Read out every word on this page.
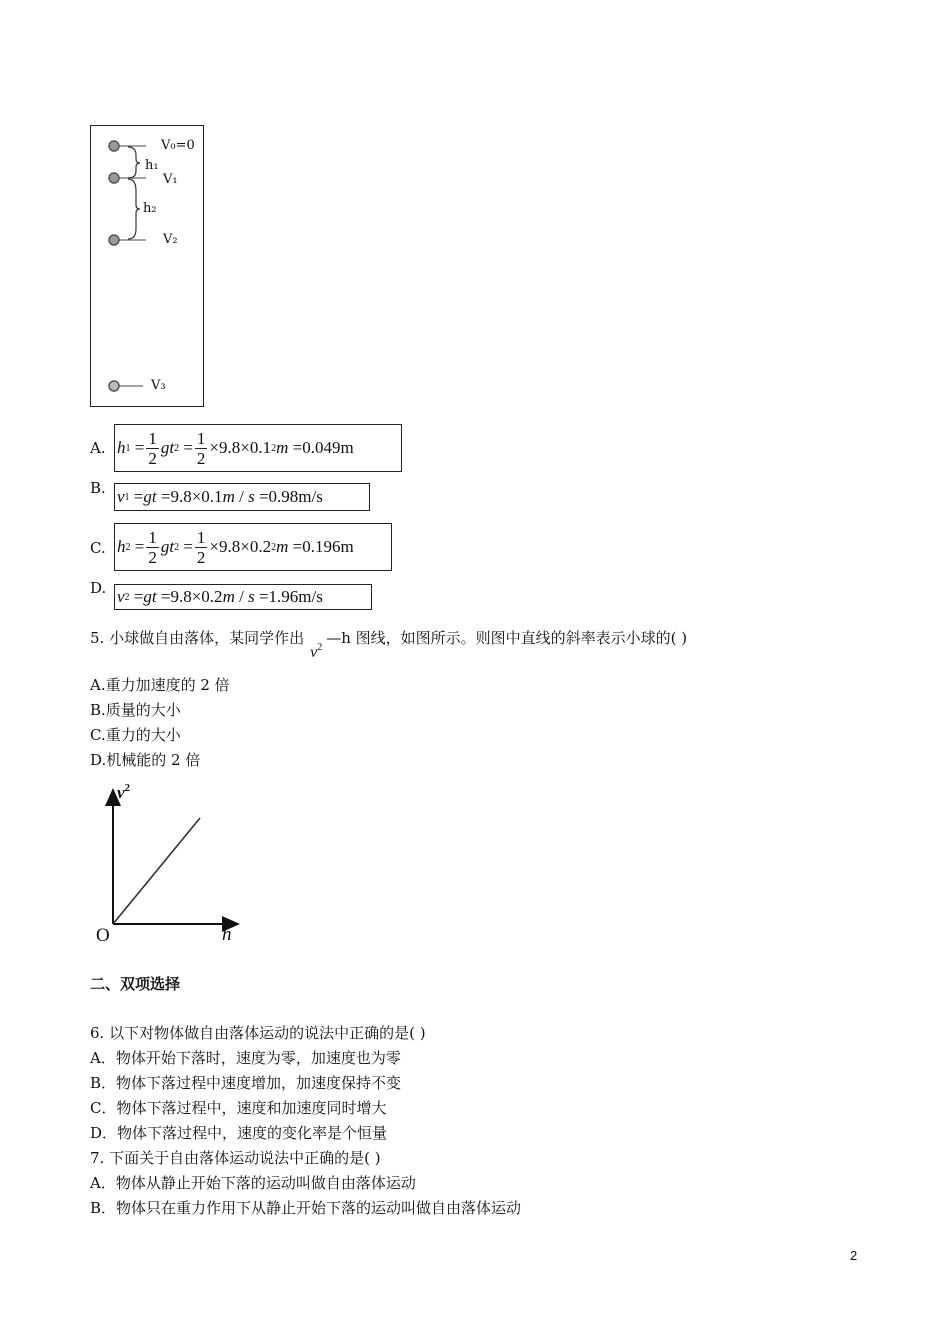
V₀=0
h₁
V₁
h₂
V₂
V₃
A. h $1 = \frac{1}{2}$ gt $2 = \frac{1}{2} \times 9.8\times 0.1$ 2 m =0.049m
B. v 1 = gt =9.8×0.1 m / s =0.98m/s
C. h $2 = \frac{1}{2}$ gt $2 = \frac{1}{2} \times 9.8\times 0.2$ 2 m =0.196m
D. v 2 = gt =9.8×0.2 m / s =1.96m/s
5. 小球做自由落体，某同学作出$v^2—h$ 图线，如图所示。则图中直线的斜率表示小球的( )
A.重力加速度的 2 倍
B.质量的大小
C.重力的大小
D.机械能的 2 倍
$v^2$
h
O
二、双项选择
6. 以下对物体做自由落体运动的说法中正确的是( )
A．物体开始下落时，速度为零，加速度也为零
B．物体下落过程中速度增加，加速度保持不变
C．物体下落过程中，速度和加速度同时增大
D．物体下落过程中，速度的变化率是个恒量
7. 下面关于自由落体运动说法中正确的是( )
A．物体从静止开始下落的运动叫做自由落体运动
B．物体只在重力作用下从静止开始下落的运动叫做自由落体运动
2
